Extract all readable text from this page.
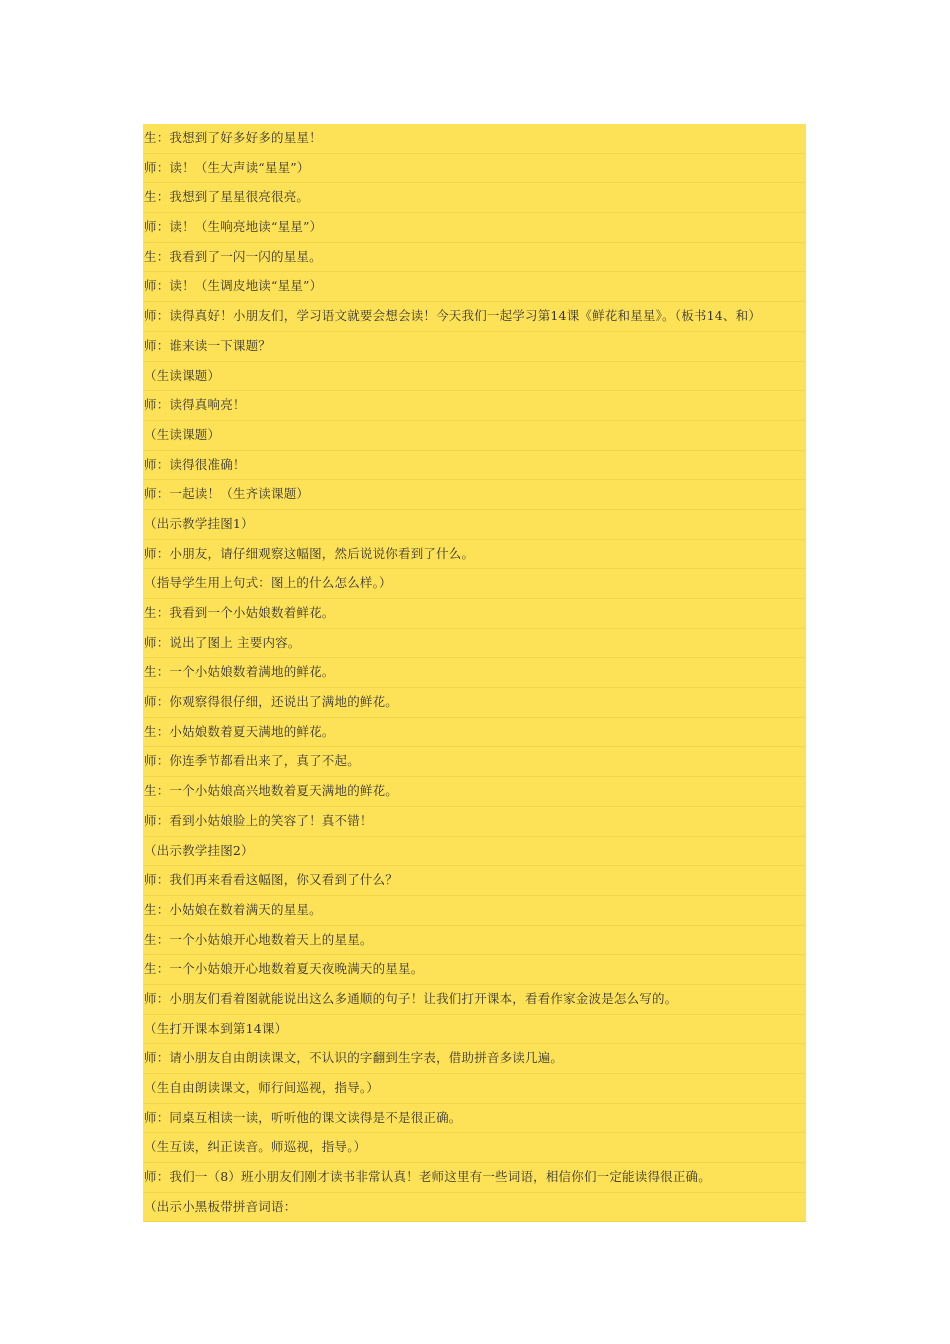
生：我想到了好多好多的星星！
师：读！（生大声读“星星”）
生：我想到了星星很亮很亮。
师：读！（生响亮地读“星星”）
生：我看到了一闪一闪的星星。
师：读！（生调皮地读“星星”）
师：读得真好！小朋友们，学习语文就要会想会读！今天我们一起学习第14课《鲜花和星星》。（板书14、和）
师：谁来读一下课题？
（生读课题）
师：读得真响亮！
（生读课题）
师：读得很准确！
师：一起读！（生齐读课题）
（出示教学挂图1）
师：小朋友，请仔细观察这幅图，然后说说你看到了什么。
（指导学生用上句式：图上的什么怎么样。）
生：我看到一个小姑娘数着鲜花。
师：说出了图上 主要内容。
生：一个小姑娘数着满地的鲜花。
师：你观察得很仔细，还说出了满地的鲜花。
生：小姑娘数着夏天满地的鲜花。
师：你连季节都看出来了，真了不起。
生：一个小姑娘高兴地数着夏天满地的鲜花。
师：看到小姑娘脸上的笑容了！真不错！
（出示教学挂图2）
师：我们再来看看这幅图，你又看到了什么？
生：小姑娘在数着满天的星星。
生：一个小姑娘开心地数着天上的星星。
生：一个小姑娘开心地数着夏天夜晚满天的星星。
师：小朋友们看着图就能说出这么多通顺的句子！让我们打开课本，看看作家金波是怎么写的。
（生打开课本到第14课）
师：请小朋友自由朗读课文，不认识的字翻到生字表，借助拼音多读几遍。
（生自由朗读课文，师行间巡视，指导。）
师：同桌互相读一读，听听他的课文读得是不是很正确。
（生互读，纠正读音。师巡视，指导。）
师：我们一（8）班小朋友们刚才读书非常认真！老师这里有一些词语，相信你们一定能读得很正确。
（出示小黑板带拼音词语：
